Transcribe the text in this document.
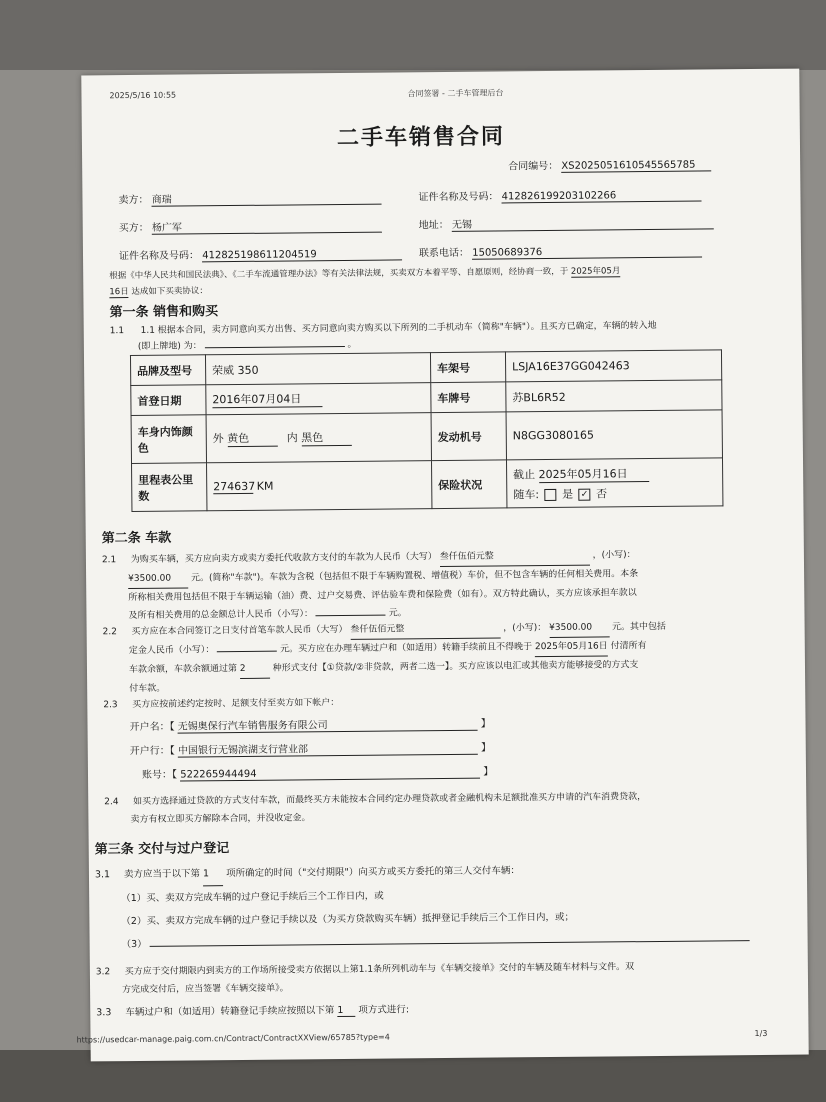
2025/5/16 10:55	合同签署 - 二手车管理后台
二手车销售合同
合同编号： XS202505161054556578​5
卖方： 商瑞	证件名称及号码： 412826199203102266
买方： 杨广军	地址： 无锡
证件名称及号码： 412825198611204519	联系电话： 15050689376
根据《中华人民共和国民法典》、《二手车流通管理办法》等有关法律法规，买卖双方本着平等、自愿原则，经协商一致，于 2025年05月
16日 达成如下买卖协议：
第一条 销售和购买
1.1 1.1 根据本合同，卖方同意向买方出售、买方同意向卖方购买以下所列的二手机动车（简称"车辆"）。且买方已确定，车辆的转入地
(即上牌地) 为：	。
品牌及型号	荣威 350	车架号	LSJA16E37GG042463
首登日期	2016年07月04日	车牌号	苏BL6R52
车身内饰颜色	外 黄色 内 黑色	发动机号	N8GG3080165
里程表公里数	274637 KM	保险状况	截止 2025年05月16日
随车: 是 ✓ 否
第二条 车款
2.1 为购买车辆，买方应向卖方或卖方委托代收款方支付的车款为人民币（大写） 叁仟伍佰元整	，(小写)：
¥3500.00 元。(简称"车款")。车款为含税（包括但不限于车辆购置税、增值税）车价，但不包含车辆的任何相关费用。本条
所称相关费用包括但不限于车辆运输（油）费、过户交易费、评估验车费和保险费（如有）。双方特此确认，买方应该承担车款以
及所有相关费用的总金额总计人民币（小写）：	元。
2.2 买方应在本合同签订之日支付首笔车款人民币（大写） 叁仟伍佰元整	，(小写)： ¥3500.00 元。其中包括
定金人民币（小写）：	元。买方应在办理车辆过户和（如适用）转籍手续前且不得晚于 2025年05月16日 付清所有
车款余额，车款余额通过第 2	种形式支付【①贷款/②非贷款，两者二选一】。买方应该以电汇或其他卖方能够接受的方式支
付车款。
2.3 买方应按前述约定按时、足额支付至卖方如下帐户：
开户名：【 无锡奥保行汽车销售服务有限公司	】
开户行：【 中国银行无锡滨湖支行营业部	】
账号：【 522265944494	】
2.4 如买方选择通过贷款的方式支付车款，而最终买方未能按本合同约定办理贷款或者金融机构未足额批准买方申请的汽车消费贷款，
卖方有权立即买方解除本合同，并没收定金。
第三条 交付与过户登记
3.1 卖方应当于以下第 1 项所确定的时间（"交付期限"）向买方或买方委托的第三人交付车辆：
（1）买、卖双方完成车辆的过户登记手续后三个工作日内，或
（2）买、卖双方完成车辆的过户登记手续以及（为买方贷款购买车辆）抵押登记手续后三个工作日内，或；
（3）
3.2 买方应于交付期限内到卖方的工作场所接受卖方依据以上第1.1条所列机动车与《车辆交接单》交付的车辆及随车材料与文件。双
方完成交付后，应当签署《车辆交接单》。
3.3 车辆过户和（如适用）转籍登记手续应按照以下第 1 项方式进行:
https://usedcar-manage.paig.com.cn/Contract/ContractXXView/65785?type=4	1/3
